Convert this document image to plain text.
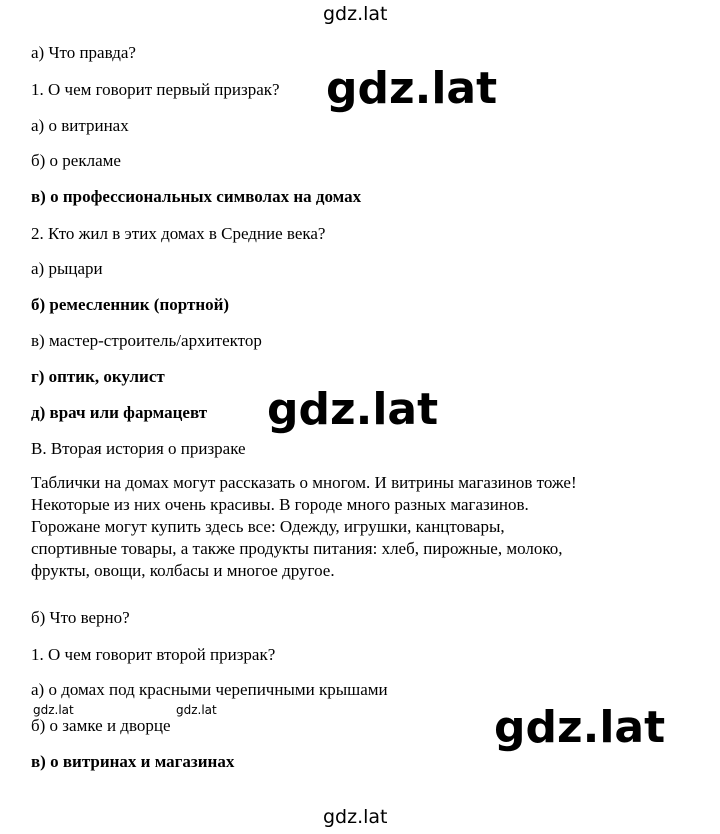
gdz.lat
а) Что правда?
1. О чем говорит первый призрак? gdz.lat
а) о витринах
б) о рекламе
в) о профессиональных символах на домах
2. Кто жил в этих домах в Средние века?
а) рыцари
б) ремесленник (портной)
в) мастер-строитель/архитектор
г) оптик, окулист
д) врач или фармацевт gdz.lat
B. Вторая история о призраке
Таблички на домах могут рассказать о многом. И витрины магазинов тоже!
Некоторые из них очень красивы. В городе много разных магазинов.
Горожане могут купить здесь все: Одежду, игрушки, канцтовары,
спортивные товары, а также продукты питания: хлеб, пирожные, молоко,
фрукты, овощи, колбасы и многое другое.
б) Что верно?
1. О чем говорит второй призрак?
а) о домах под красными черепичными крышами
gdz.lat	gdz.lat
б) о замке и дворце	gdz.lat
в) о витринах и магазинах
gdz.lat
